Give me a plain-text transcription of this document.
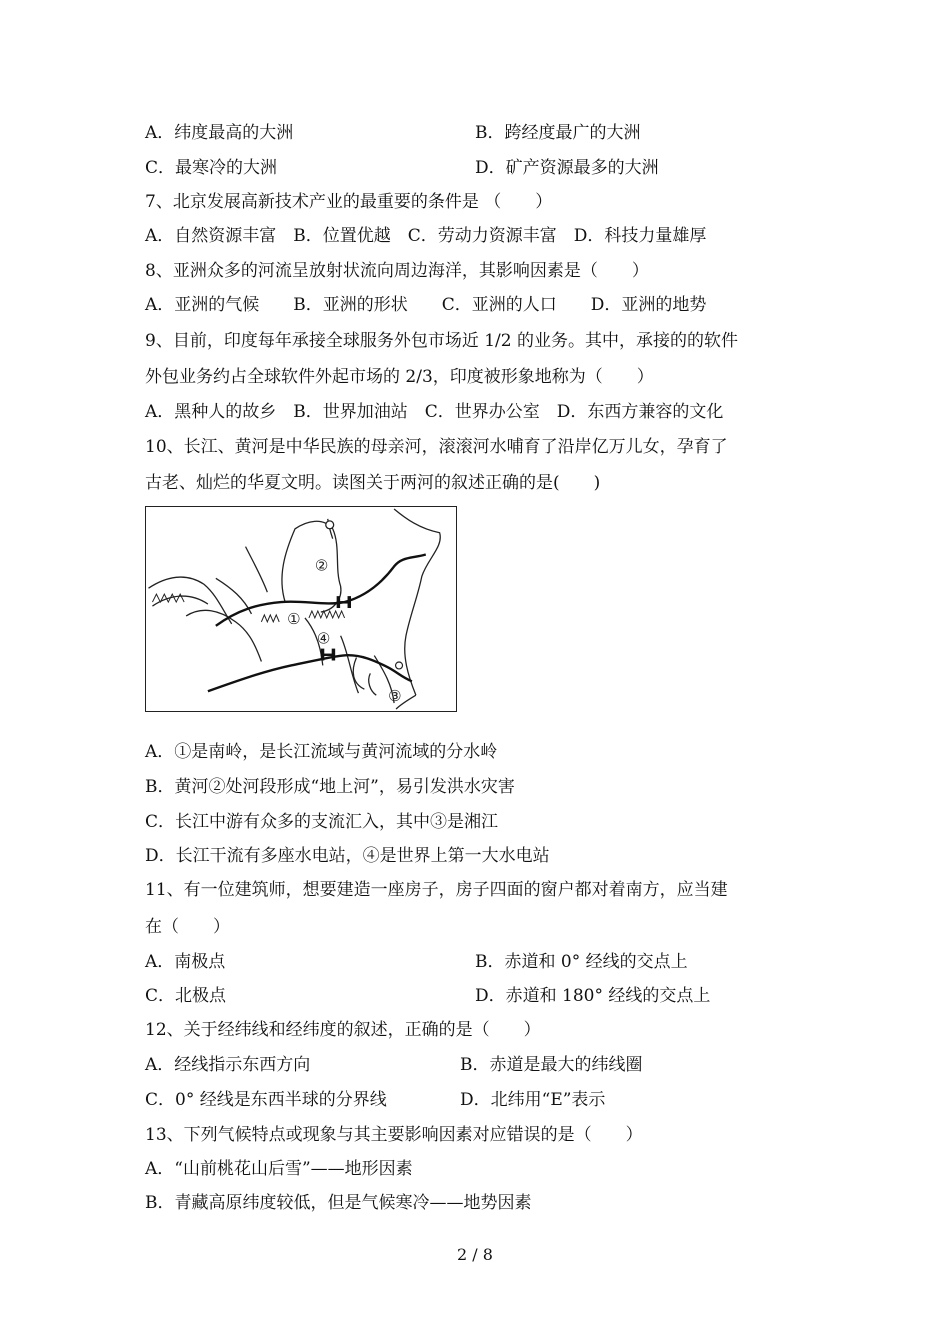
A．纬度最高的大洲	B．跨经度最广的大洲
C．最寒冷的大洲	D．矿产资源最多的大洲
7、北京发展高新技术产业的最重要的条件是 （　　）
A．自然资源丰富　B．位置优越　C．劳动力资源丰富　D．科技力量雄厚
8、亚洲众多的河流呈放射状流向周边海洋，其影响因素是（　　）
A．亚洲的气候　　B．亚洲的形状　　C．亚洲的人口　　D．亚洲的地势
9、目前，印度每年承接全球服务外包市场近 1/2 的业务。其中，承接的的软件
外包业务约占全球软件外起市场的 2/3，印度被形象地称为（　　）
A．黑种人的故乡　B．世界加油站　C．世界办公室　D．东西方兼容的文化
10、长江、黄河是中华民族的母亲河，滚滚河水哺育了沿岸亿万儿女，孕育了
古老、灿烂的华夏文明。读图关于两河的叙述正确的是(　　)
②
①
④
③
A．①是南岭，是长江流域与黄河流域的分水岭
B．黄河②处河段形成“地上河”，易引发洪水灾害
C．长江中游有众多的支流汇入，其中③是湘江
D．长江干流有多座水电站，④是世界上第一大水电站
11、有一位建筑师，想要建造一座房子，房子四面的窗户都对着南方，应当建
在（　　）
A．南极点	B．赤道和 0° 经线的交点上
C．北极点	D．赤道和 180° 经线的交点上
12、关于经纬线和经纬度的叙述，正确的是（　　）
A．经线指示东西方向	B．赤道是最大的纬线圈
C．0° 经线是东西半球的分界线	D．北纬用“E”表示
13、下列气候特点或现象与其主要影响因素对应错误的是（　　）
A．“山前桃花山后雪”——地形因素
B．青藏高原纬度较低，但是气候寒冷——地势因素
2 / 8
